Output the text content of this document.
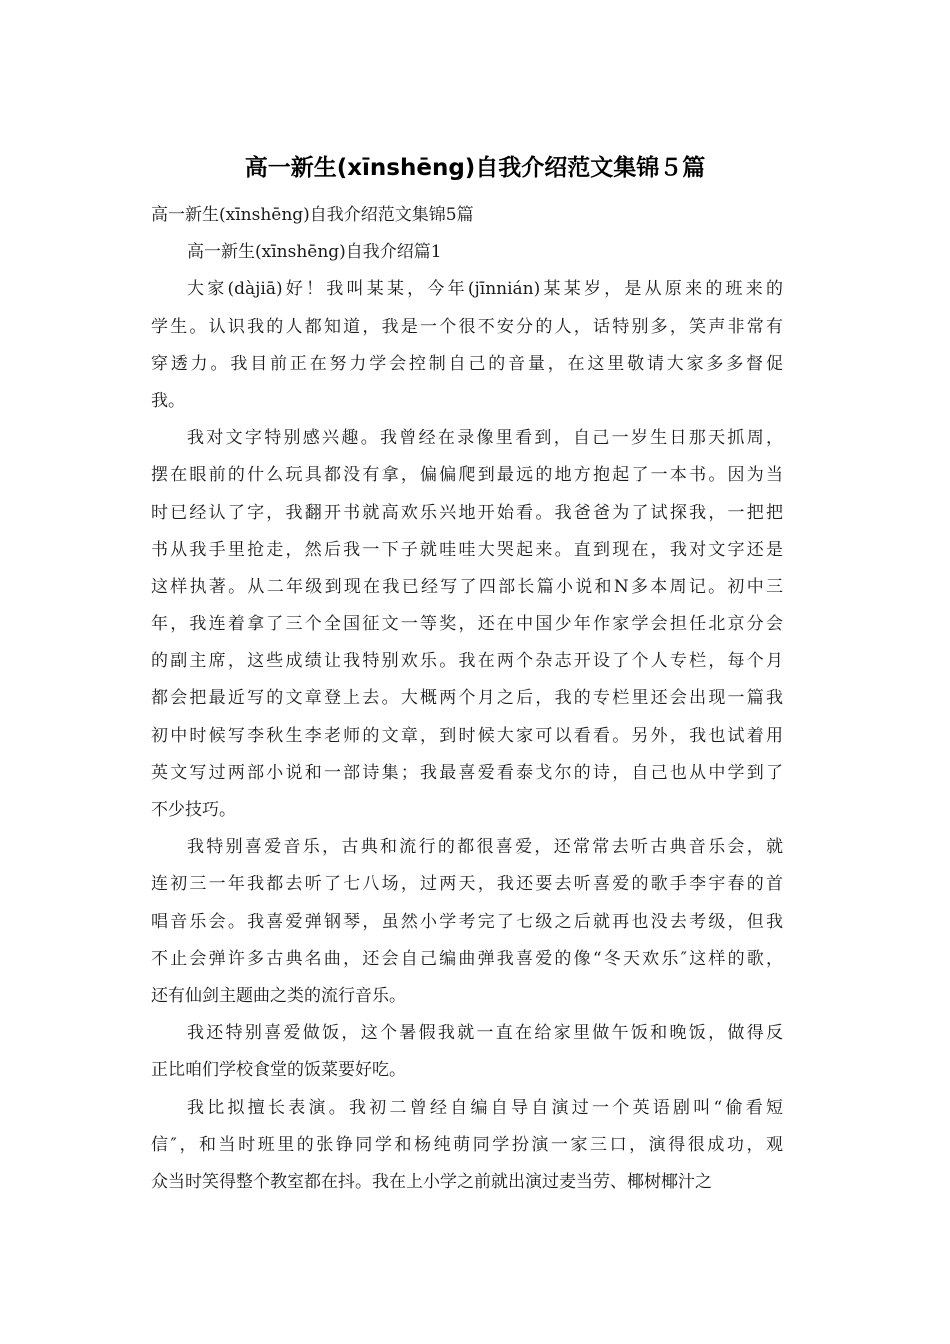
高一新生(xīnshēng)自我介绍范文集锦５篇
高一新生(xīnshēng)自我介绍范文集锦5篇
高一新生(xīnshēng)自我介绍篇1
大家(dàjiā)好！我叫某某，今年(jīnnián)某某岁，是从原来的班来的
学生。认识我的人都知道，我是一个很不安分的人，话特别多，笑声非常有
穿透力。我目前正在努力学会控制自己的音量，在这里敬请大家多多督促
我。
我对文字特别感兴趣。我曾经在录像里看到，自己一岁生日那天抓周，
摆在眼前的什么玩具都没有拿，偏偏爬到最远的地方抱起了一本书。因为当
时已经认了字，我翻开书就高欢乐兴地开始看。我爸爸为了试探我，一把把
书从我手里抢走，然后我一下子就哇哇大哭起来。直到现在，我对文字还是
这样执著。从二年级到现在我已经写了四部长篇小说和N多本周记。初中三
年，我连着拿了三个全国征文一等奖，还在中国少年作家学会担任北京分会
的副主席，这些成绩让我特别欢乐。我在两个杂志开设了个人专栏，每个月
都会把最近写的文章登上去。大概两个月之后，我的专栏里还会出现一篇我
初中时候写李秋生李老师的文章，到时候大家可以看看。另外，我也试着用
英文写过两部小说和一部诗集；我最喜爱看泰戈尔的诗，自己也从中学到了
不少技巧。
我特别喜爱音乐，古典和流行的都很喜爱，还常常去听古典音乐会，就
连初三一年我都去听了七八场，过两天，我还要去听喜爱的歌手李宇春的首
唱音乐会。我喜爱弹钢琴，虽然小学考完了七级之后就再也没去考级，但我
不止会弹许多古典名曲，还会自己编曲弹我喜爱的像“冬天欢乐″这样的歌，
还有仙剑主题曲之类的流行音乐。
我还特别喜爱做饭，这个暑假我就一直在给家里做午饭和晚饭，做得反
正比咱们学校食堂的饭菜要好吃。
我比拟擅长表演。我初二曾经自编自导自演过一个英语剧叫“偷看短
信″，和当时班里的张铮同学和杨纯萌同学扮演一家三口，演得很成功，观
众当时笑得整个教室都在抖。我在上小学之前就出演过麦当劳、椰树椰汁之
